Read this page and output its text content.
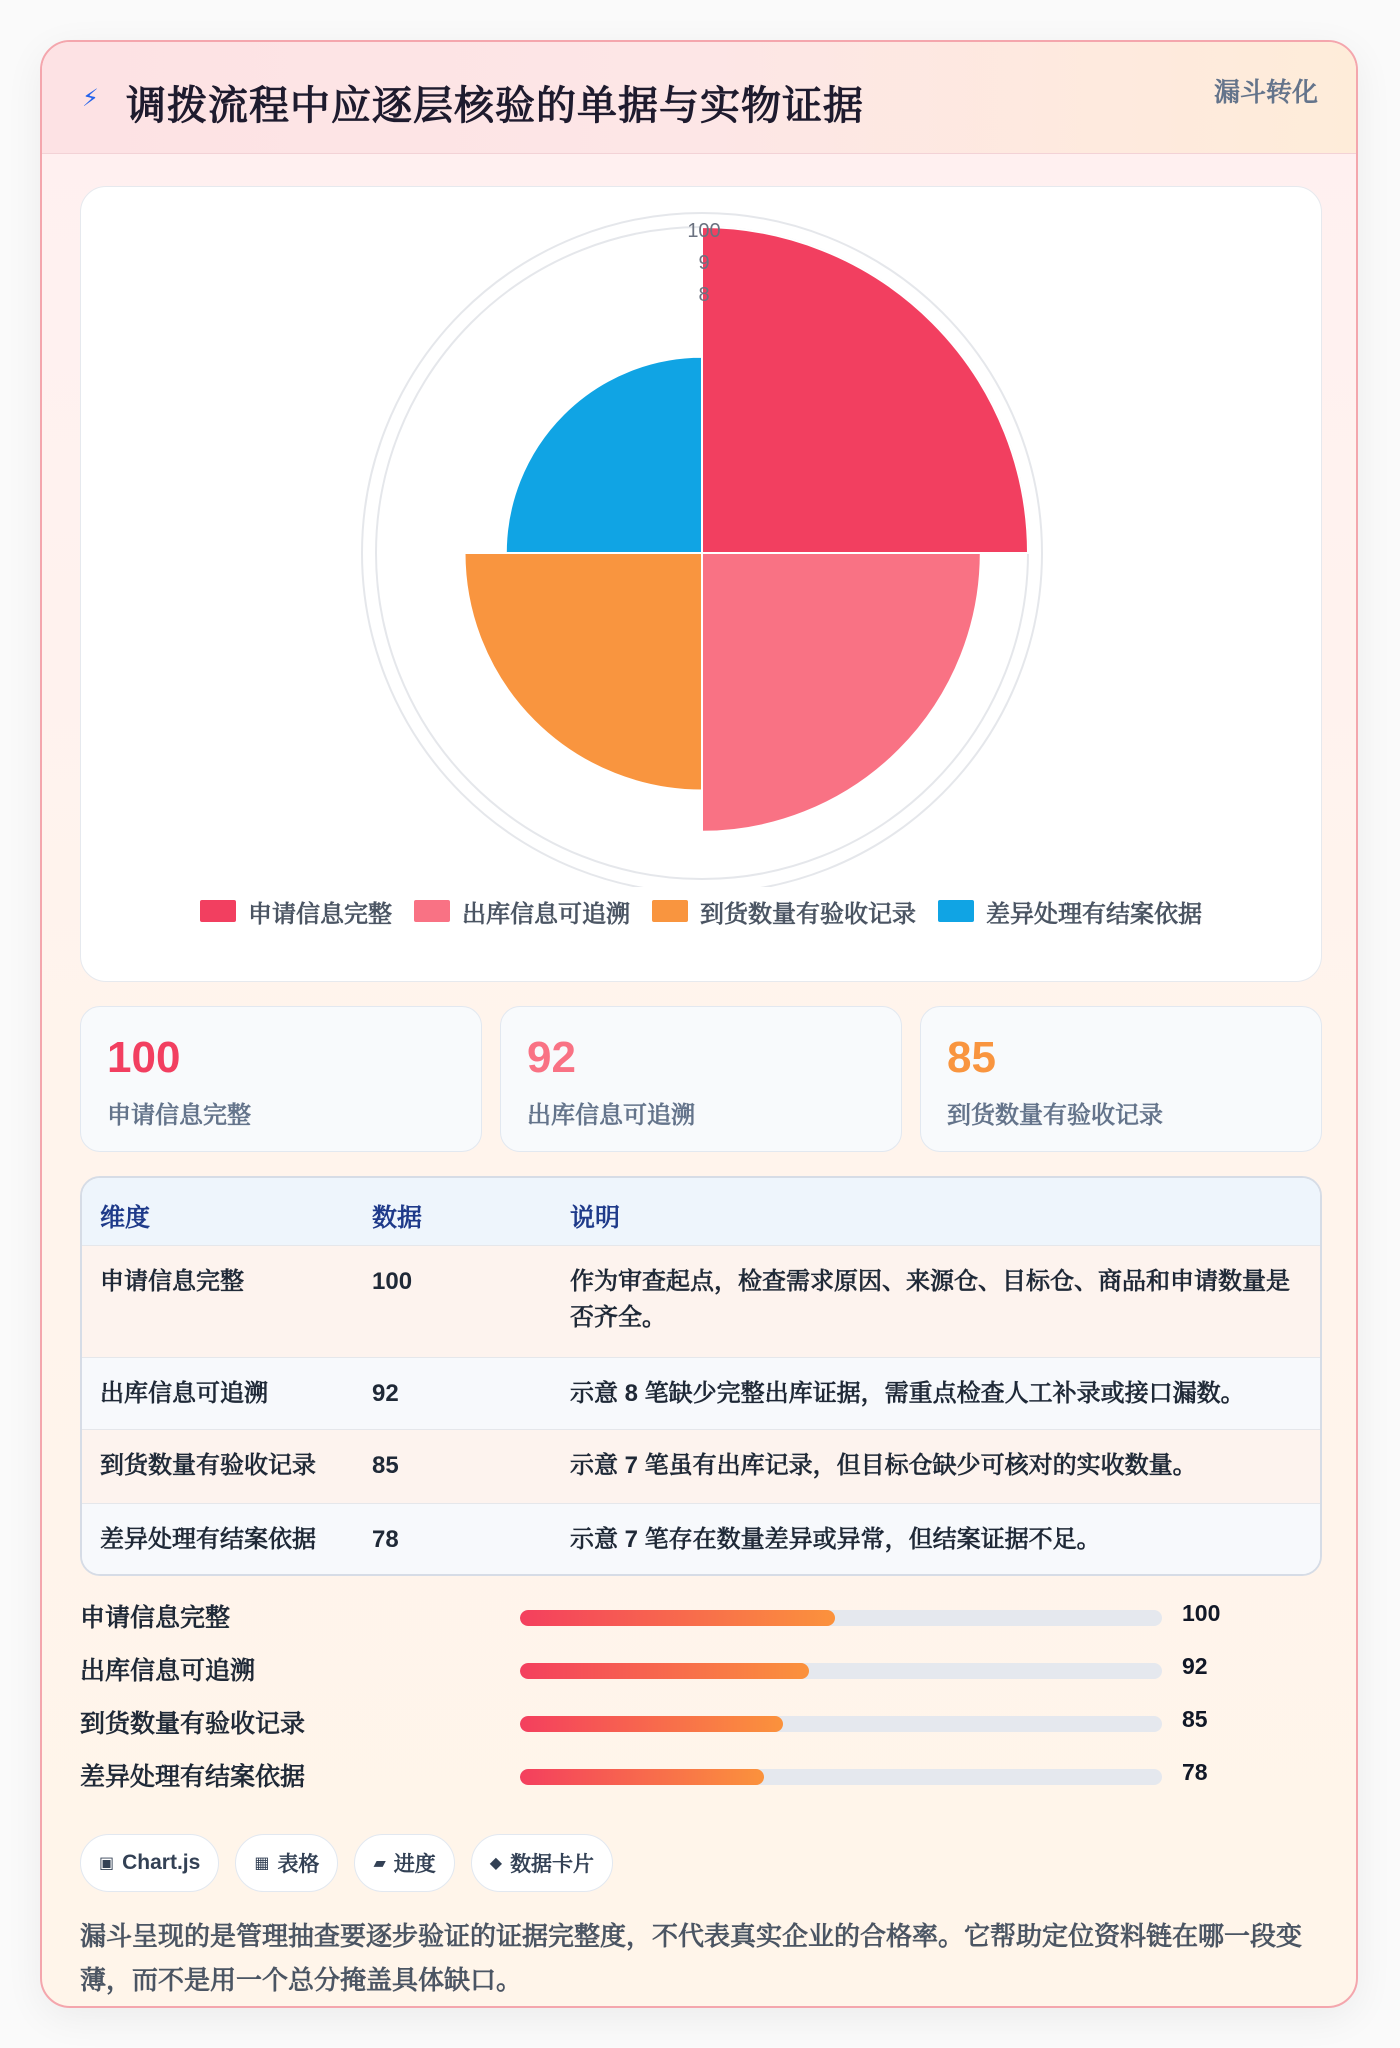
⚡ 调拨流程中应逐层核验的单据与实物证据	漏斗转化
100
9
8
申请信息完整	出库信息可追溯	到货数量有验收记录	差异处理有结案依据
100
申请信息完整
92
出库信息可追溯
85
到货数量有验收记录
维度	数据	说明
申请信息完整	100	作为审查起点，检查需求原因、来源仓、目标仓、商品和申请数量是否齐全。
出库信息可追溯	92	示意 8 笔缺少完整出库证据，需重点检查人工补录或接口漏数。
到货数量有验收记录 85	示意 7 笔虽有出库记录，但目标仓缺少可核对的实收数量。
差异处理有结案依据 78	示意 7 笔存在数量差异或异常，但结案证据不足。
申请信息完整	100
出库信息可追溯	92
到货数量有验收记录	85
差异处理有结案依据	78
▣ Chart.js	▦ 表格	▰ 进度	◆ 数据卡片
漏斗呈现的是管理抽查要逐步验证的证据完整度，不代表真实企业的合格率。它帮助定位资料链在哪一段变薄，而不是用一个总分掩盖具体缺口。
